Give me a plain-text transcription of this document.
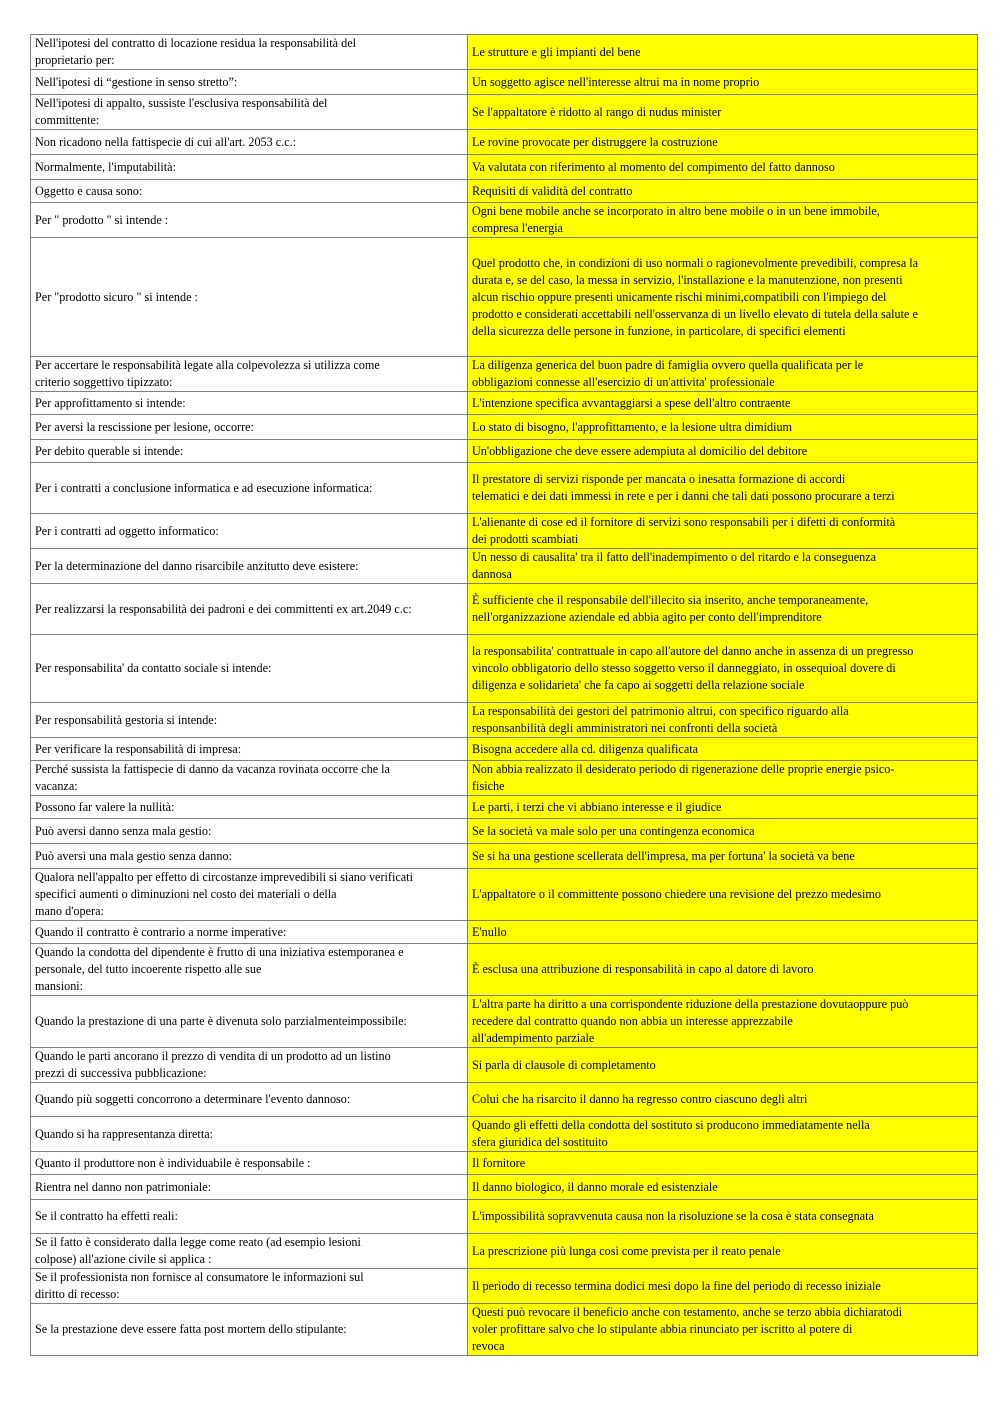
Nell'ipotesi del contratto di locazione residua la responsabilità del
proprietario per:	Le strutture e gli impianti del bene
Nell'ipotesi di “gestione in senso stretto”:	Un soggetto agisce nell'interesse altrui ma in nome proprio
Nell'ipotesi di appalto, sussiste l'esclusiva responsabilità del
committente:	Se l'appaltatore è ridotto al rango di nudus minister
Non ricadono nella fattispecie di cui all'art. 2053 c.c.:	Le rovine provocate per distruggere la costruzione
Normalmente, l'imputabilità:	Va valutata con riferimento al momento del compimento del fatto dannoso
Oggetto e causa sono:	Requisiti di validità del contratto
Per " prodotto " si intende :	Ogni bene mobile anche se incorporato in altro bene mobile o in un bene immobile,
compresa l'energia
Per "prodotto sicuro " si intende :	Quel prodotto che, in condizioni di uso normali o ragionevolmente prevedibili, compresa la
durata e, se del caso, la messa in servizio, l'installazione e la manutenzione, non presenti
alcun rischio oppure presenti unicamente rischi minimi,compatibili con l'impiego del
prodotto e considerati accettabili nell'osservanza di un livello elevato di tutela della salute e
della sicurezza delle persone in funzione, in particolare, di specifici elementi
Per accertare le responsabilità legate alla colpevolezza si utilizza come
criterio soggettivo tipizzato:	La diligenza generica del buon padre di famiglia ovvero quella qualificata per le
obbligazioni connesse all'esercizio di un'attivita' professionale
Per approfittamento si intende:	L'intenzione specifica avvantaggiarsi a spese dell'altro contraente
Per aversi la rescissione per lesione, occorre:	Lo stato di bisogno, l'approfittamento, e la lesione ultra dimidium
Per debito querable si intende:	Un'obbligazione che deve essere adempiuta al domicilio del debitore
Per i contratti a conclusione informatica e ad esecuzione informatica:	Il prestatore di servizi risponde per mancata o inesatta formazione di accordi
telematici e dei dati immessi in rete e per i danni che tali dati possono procurare a terzi
Per i contratti ad oggetto informatico:	L'alienante di cose ed il fornitore di servizi sono responsabili per i difetti di conformità
dei prodotti scambiati
Per la determinazione del danno risarcibile anzitutto deve esistere:	Un nesso di causalita' tra il fatto dell'inadempimento o del ritardo e la conseguenza
dannosa
Per realizzarsi la responsabilità dei padroni e dei committenti ex art.2049 c.c:	È sufficiente che il responsabile dell'illecito sia inserito, anche temporaneamente,
nell'organizzazione aziendale ed abbia agito per conto dell'imprenditore
Per responsabilita' da contatto sociale si intende:	la responsabilita' contrattuale in capo all'autore del danno anche in assenza di un pregresso
vincolo obbligatorio dello stesso soggetto verso il danneggiato, in ossequioal dovere di
diligenza e solidarieta' che fa capo ai soggetti della relazione sociale
Per responsabilità gestoria si intende:	La responsabilità dei gestori del patrimonio altrui, con specifico riguardo alla
responsanbilità degli amministratori nei confronti della società
Per verificare la responsabilità di impresa:	Bisogna accedere alla cd. diligenza qualificata
Perché sussista la fattispecie di danno da vacanza rovinata occorre che la
vacanza:	Non abbia realizzato il desiderato periodo di rigenerazione delle proprie energie psico-
fisiche
Possono far valere la nullità:	Le parti, i terzi che vi abbiano interesse e il giudice
Può aversi danno senza mala gestio:	Se la società va male solo per una contingenza economica
Può aversi una mala gestio senza danno:	Se si ha una gestione scellerata dell'impresa, ma per fortuna' la società va bene
Qualora nell'appalto per effetto di circostanze imprevedibili si siano verificati
specifici aumenti o diminuzioni nel costo dei materiali o della
mano d'opera:	L'appaltatore o il committente possono chiedere una revisione del prezzo medesimo
Quando il contratto è contrario a norme imperative:	E'nullo
Quando la condotta del dipendente è frutto di una iniziativa estemporanea e
personale, del tutto incoerente rispetto alle sue
mansioni:	È esclusa una attribuzione di responsabilità in capo al datore di lavoro
Quando la prestazione di una parte è divenuta solo parzialmenteimpossibile:	L'altra parte ha diritto a una corrispondente riduzione della prestazione dovutaoppure può
recedere dal contratto quando non abbia un interesse apprezzabile
all'adempimento parziale
Quando le parti ancorano il prezzo di vendita di un prodotto ad un listino
prezzi di successiva pubblicazione:	Si parla di clausole di completamento
Quando più soggetti concorrono a determinare l'evento dannoso:	Colui che ha risarcito il danno ha regresso contro ciascuno degli altri
Quando si ha rappresentanza diretta:	Quando gli effetti della condotta del sostituto si producono immediatamente nella
sfera giuridica del sostituito
Quanto il produttore non è individuabile è responsabile :	Il fornitore
Rientra nel danno non patrimoniale:	Il danno biologico, il danno morale ed esistenziale
Se il contratto ha effetti reali:	L'impossibilità sopravvenuta causa non la risoluzione se la cosa è stata consegnata
Se il fatto è considerato dalla legge come reato (ad esempio lesioni
colpose) all'azione civile si applica :	La prescrizione più lunga così come prevista per il reato penale
Se il professionista non fornisce al consumatore le informazioni sul
diritto di recesso:	Il periodo di recesso termina dodici mesi dopo la fine del periodo di recesso iniziale
Se la prestazione deve essere fatta post mortem dello stipulante:	Questi può revocare il beneficio anche con testamento, anche se terzo abbia dichiaratodi
voler profittare salvo che lo stipulante abbia rinunciato per iscritto al potere di
revoca
